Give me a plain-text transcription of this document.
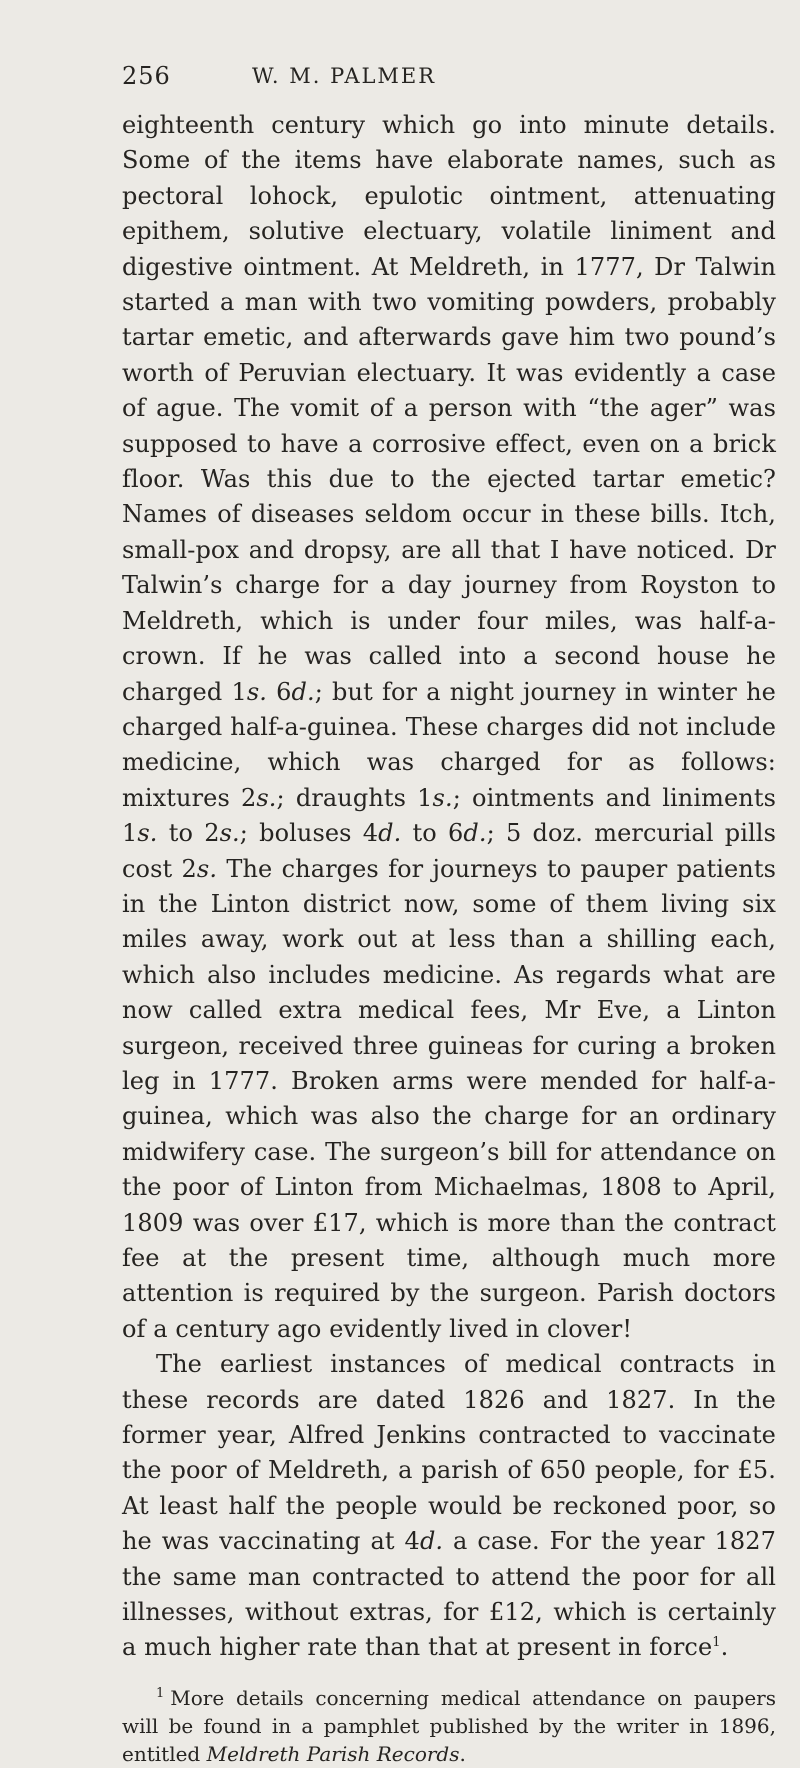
256	W. M. PALMER

eighteenth century which go into minute details. Some of the items have elaborate names, such as pectoral lohock, epulotic ointment, attenuating epithem, solutive electuary, volatile liniment and digestive ointment. At Meldreth, in 1777, Dr Talwin started a man with two vomiting powders, probably tartar emetic, and afterwards gave him two pound’s worth of Peruvian electuary. It was evidently a case of ague. The vomit of a person with “the ager” was supposed to have a corrosive effect, even on a brick floor. Was this due to the ejected tartar emetic? Names of diseases seldom occur in these bills. Itch, small-pox and dropsy, are all that I have noticed. Dr Talwin’s charge for a day journey from Royston to Meldreth, which is under four miles, was half-a-crown. If he was called into a second house he charged 1s. 6d.; but for a night journey in winter he charged half-a-guinea. These charges did not include medicine, which was charged for as follows: mixtures 2s.; draughts 1s.; ointments and liniments 1s. to 2s.; boluses 4d. to 6d.; 5 doz. mercurial pills cost 2s. The charges for journeys to pauper patients in the Linton district now, some of them living six miles away, work out at less than a shilling each, which also includes medicine. As regards what are now called extra medical fees, Mr Eve, a Linton surgeon, received three guineas for curing a broken leg in 1777. Broken arms were mended for half-a-guinea, which was also the charge for an ordinary midwifery case. The surgeon’s bill for attendance on the poor of Linton from Michaelmas, 1808 to April, 1809 was over £17, which is more than the contract fee at the present time, although much more attention is required by the surgeon. Parish doctors of a century ago evidently lived in clover!

The earliest instances of medical contracts in these records are dated 1826 and 1827. In the former year, Alfred Jenkins contracted to vaccinate the poor of Meldreth, a parish of 650 people, for £5. At least half the people would be reckoned poor, so he was vaccinating at 4d. a case. For the year 1827 the same man contracted to attend the poor for all illnesses, without extras, for £12, which is certainly a much higher rate than that at present in force$^1$.

$^1$ More details concerning medical attendance on paupers will be found in a pamphlet published by the writer in 1896, entitled Meldreth Parish Records.
